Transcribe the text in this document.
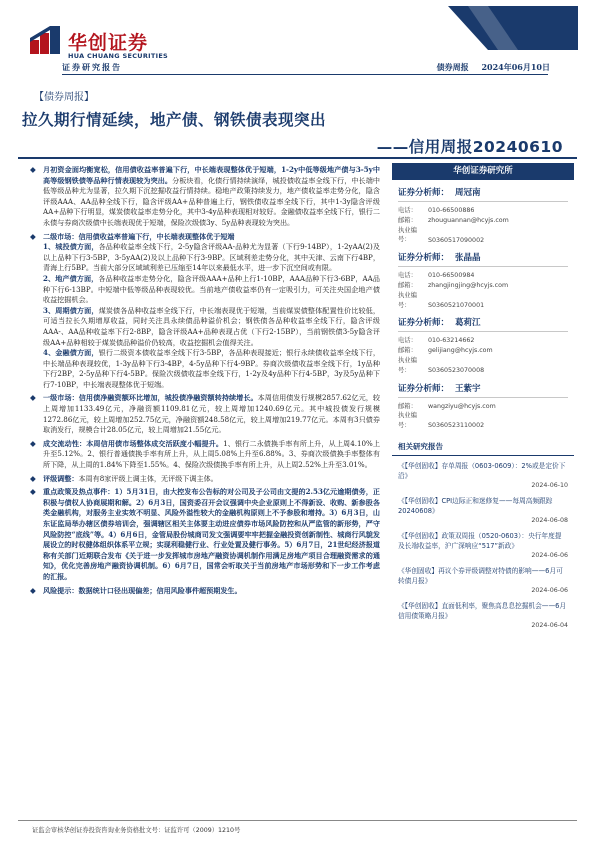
华创证券
HUA CHUANG SECURITIES
证券研究报告	债券周报 2024年06月10日
【债券周报】
拉久期行情延续，地产债、钢铁债表现突出
——信用周报20240610
◆ 月初资金面均衡宽松，信用债收益率普遍下行，中长端表现整体优于短端，1-2y中低等级地产债与3-5y中高等级钢铁债等品种行情表现较为突出。分板块看，化债行情持续演绎，城投债收益率全线下行，中长端中低等级品种尤为显著，拉久期下沉挖掘收益行情持续。稳地产政策持续发力，地产债收益率走势分化，隐含评级AAA、AA品种全线下行，隐含评级AA+品种普遍上行，钢铁债收益率全线下行，其中1-3y隐含评级AA+品种下行明显，煤炭债收益率走势分化，其中3-4y品种表现相对较好。金融债收益率全线下行，银行二永债与券商次级债中长端表现优于短端，保险次级债3y、5y品种表现较为突出。
◆ 二级市场：信用债收益率普遍下行，中长端表现整体优于短端
1、城投债方面，各品种收益率全线下行，2-5y隐含评级AA-品种尤为显著（下行9-14BP），1-2yAA(2)及以上品种下行3-5BP，3-5yAA(2)及以上品种下行3-9BP。区域利差走势分化，其中天津、云南下行4BP，青海上行5BP。当前大部分区域域利差已压缩至14年以来最低水平，进一步下沉空间或有限。
2、地产债方面，各品种收益率走势分化，隐含评级AAA+品种上行1-10BP，AAA品种下行3-6BP，AA品种下行6-13BP。中短端中低等级品种表现较优。当前地产债收益率仍有一定吸引力，可关注央国企地产债收益挖掘机会。
3、周期债方面，煤炭债各品种收益率全线下行，中长端表现优于短端，当前煤炭债整体配置性价比较低，可适当拉长久期增厚收益，同时关注具永续债品种溢价机会；钢铁债各品种收益率全线下行，隐含评级AAA-、AA品种收益率下行2-8BP，隐含评级AA+品种表现占优（下行2-15BP），当前钢铁债3-5y隐含评级AA+品种相较于煤炭债品种溢价仍较高，收益挖掘机会值得关注。
4、金融债方面，银行二级资本债收益率全线下行3-5BP，各品种表现接近；银行永续债收益率全线下行，中长端品种表现较优，1-3y品种下行3-4BP，4-5y品种下行4-9BP。券商次级债收益率全线下行，1y品种下行2BP，2-5y品种下行4-5BP。保险次级债收益率全线下行，1-2y及4y品种下行4-5BP，3y及5y品种下行7-10BP，中长端表现整体优于短端。
◆ 一级市场：信用债净融资额环比增加，城投债净融资额转持续增长。本周信用债发行规模2857.62亿元，较上周增加1133.49亿元，净融资额1109.81亿元，较上周增加1240.69亿元。其中城投债发行规模1272.86亿元，较上周增加252.75亿元，净融资额248.58亿元，较上周增加219.77亿元。本周有3只债券取消发行，规模合计28.05亿元，较上周增加21.55亿元。
◆ 成交流动性：本周信用债市场整体成交活跃度小幅提升。1、银行二永债换手率有所上升，从上周4.10%上升至5.12%。2、银行普通债换手率有所上升，从上周5.08%上升至6.88%。3、券商次级债换手率整体有所下降，从上周的1.84%下降至1.55%。4、保险次级债换手率有所上升，从上周2.52%上升至3.01%。
◆ 评级调整：本周有8家评级上调主体，无评级下调主体。
◆ 重点政策及热点事件：1）5月31日，由大控发布公告标的对公司及子公司由文提的2.53亿元逾期债务，正积极与债权人协商展期和解。2）6月3日，国资委召开会议强调中央企业原则上不得新设、收购、新参股各类金融机构，对服务主业实效不明显、风险外溢性较大的金融机构原则上不予参股和增持。3）6月3日，山东证监局举办辖区债券培训会，强调辖区相关主体要主动进应债券市场风险防控和从严监管的新形势，严守风险防控“底线”等。4）6月6日，金管局股份城商司发文强调要牢牢把握金融投资创新制性、城商行风貌发展设立的时权健体组织体系平立规；实现利稳健行业、行业处置及健行事务。5）6月7日，21世纪经济报道称有关部门近期联合发布《关于进一步发挥城市房地产融资协调机制作用满足房地产项目合理融资需求的通知》，优化完善房地产融资协调机制。6）6月7日，国常会听取关于当前房地产市场形势和下一步工作考虑的汇报。
◆ 风险提示：数据统计口径出现偏差；信用风险事件超预期发生。
华创证券研究所
证券分析师： 周冠南
电话： 010-66500886
邮箱： zhouguannan@hcyjs.com
执业编号：	S0360517090002
证券分析师： 张晶晶
电话： 010-66500984
邮箱： zhangjingjing@hcyjs.com
执业编号：	S0360521070001
证券分析师： 葛莉江
电话： 010-63214662
邮箱： gelijiang@hcyjs.com
执业编号：	S0360523070008
证券分析师： 王紫宇
邮箱： wangziyu@hcyjs.com
执业编号：	S0360523110002
相关研究报告
《【华创固收】存单周报（0603-0609）：2%或是定价下沿》
2024-06-10
《【华创固收】CPI边际正和迷修复——每周高频跟踪20240608》
2024-06-08
《【华创固收】政策双周报（0520-0603）：央行年度提及长端收益率，沪广深响应“517”新政》
2024-06-06
《华创固收】再议个券评级调整对特债的影响——6月可转债月报》
2024-06-06
《【华创固收】直面低利率，聚焦高息息挖掘机会——6月信用债策略月报》
2024-06-04
证监会审核华创证券投资咨询业务资格批文号：证监许可（2009）1210号
